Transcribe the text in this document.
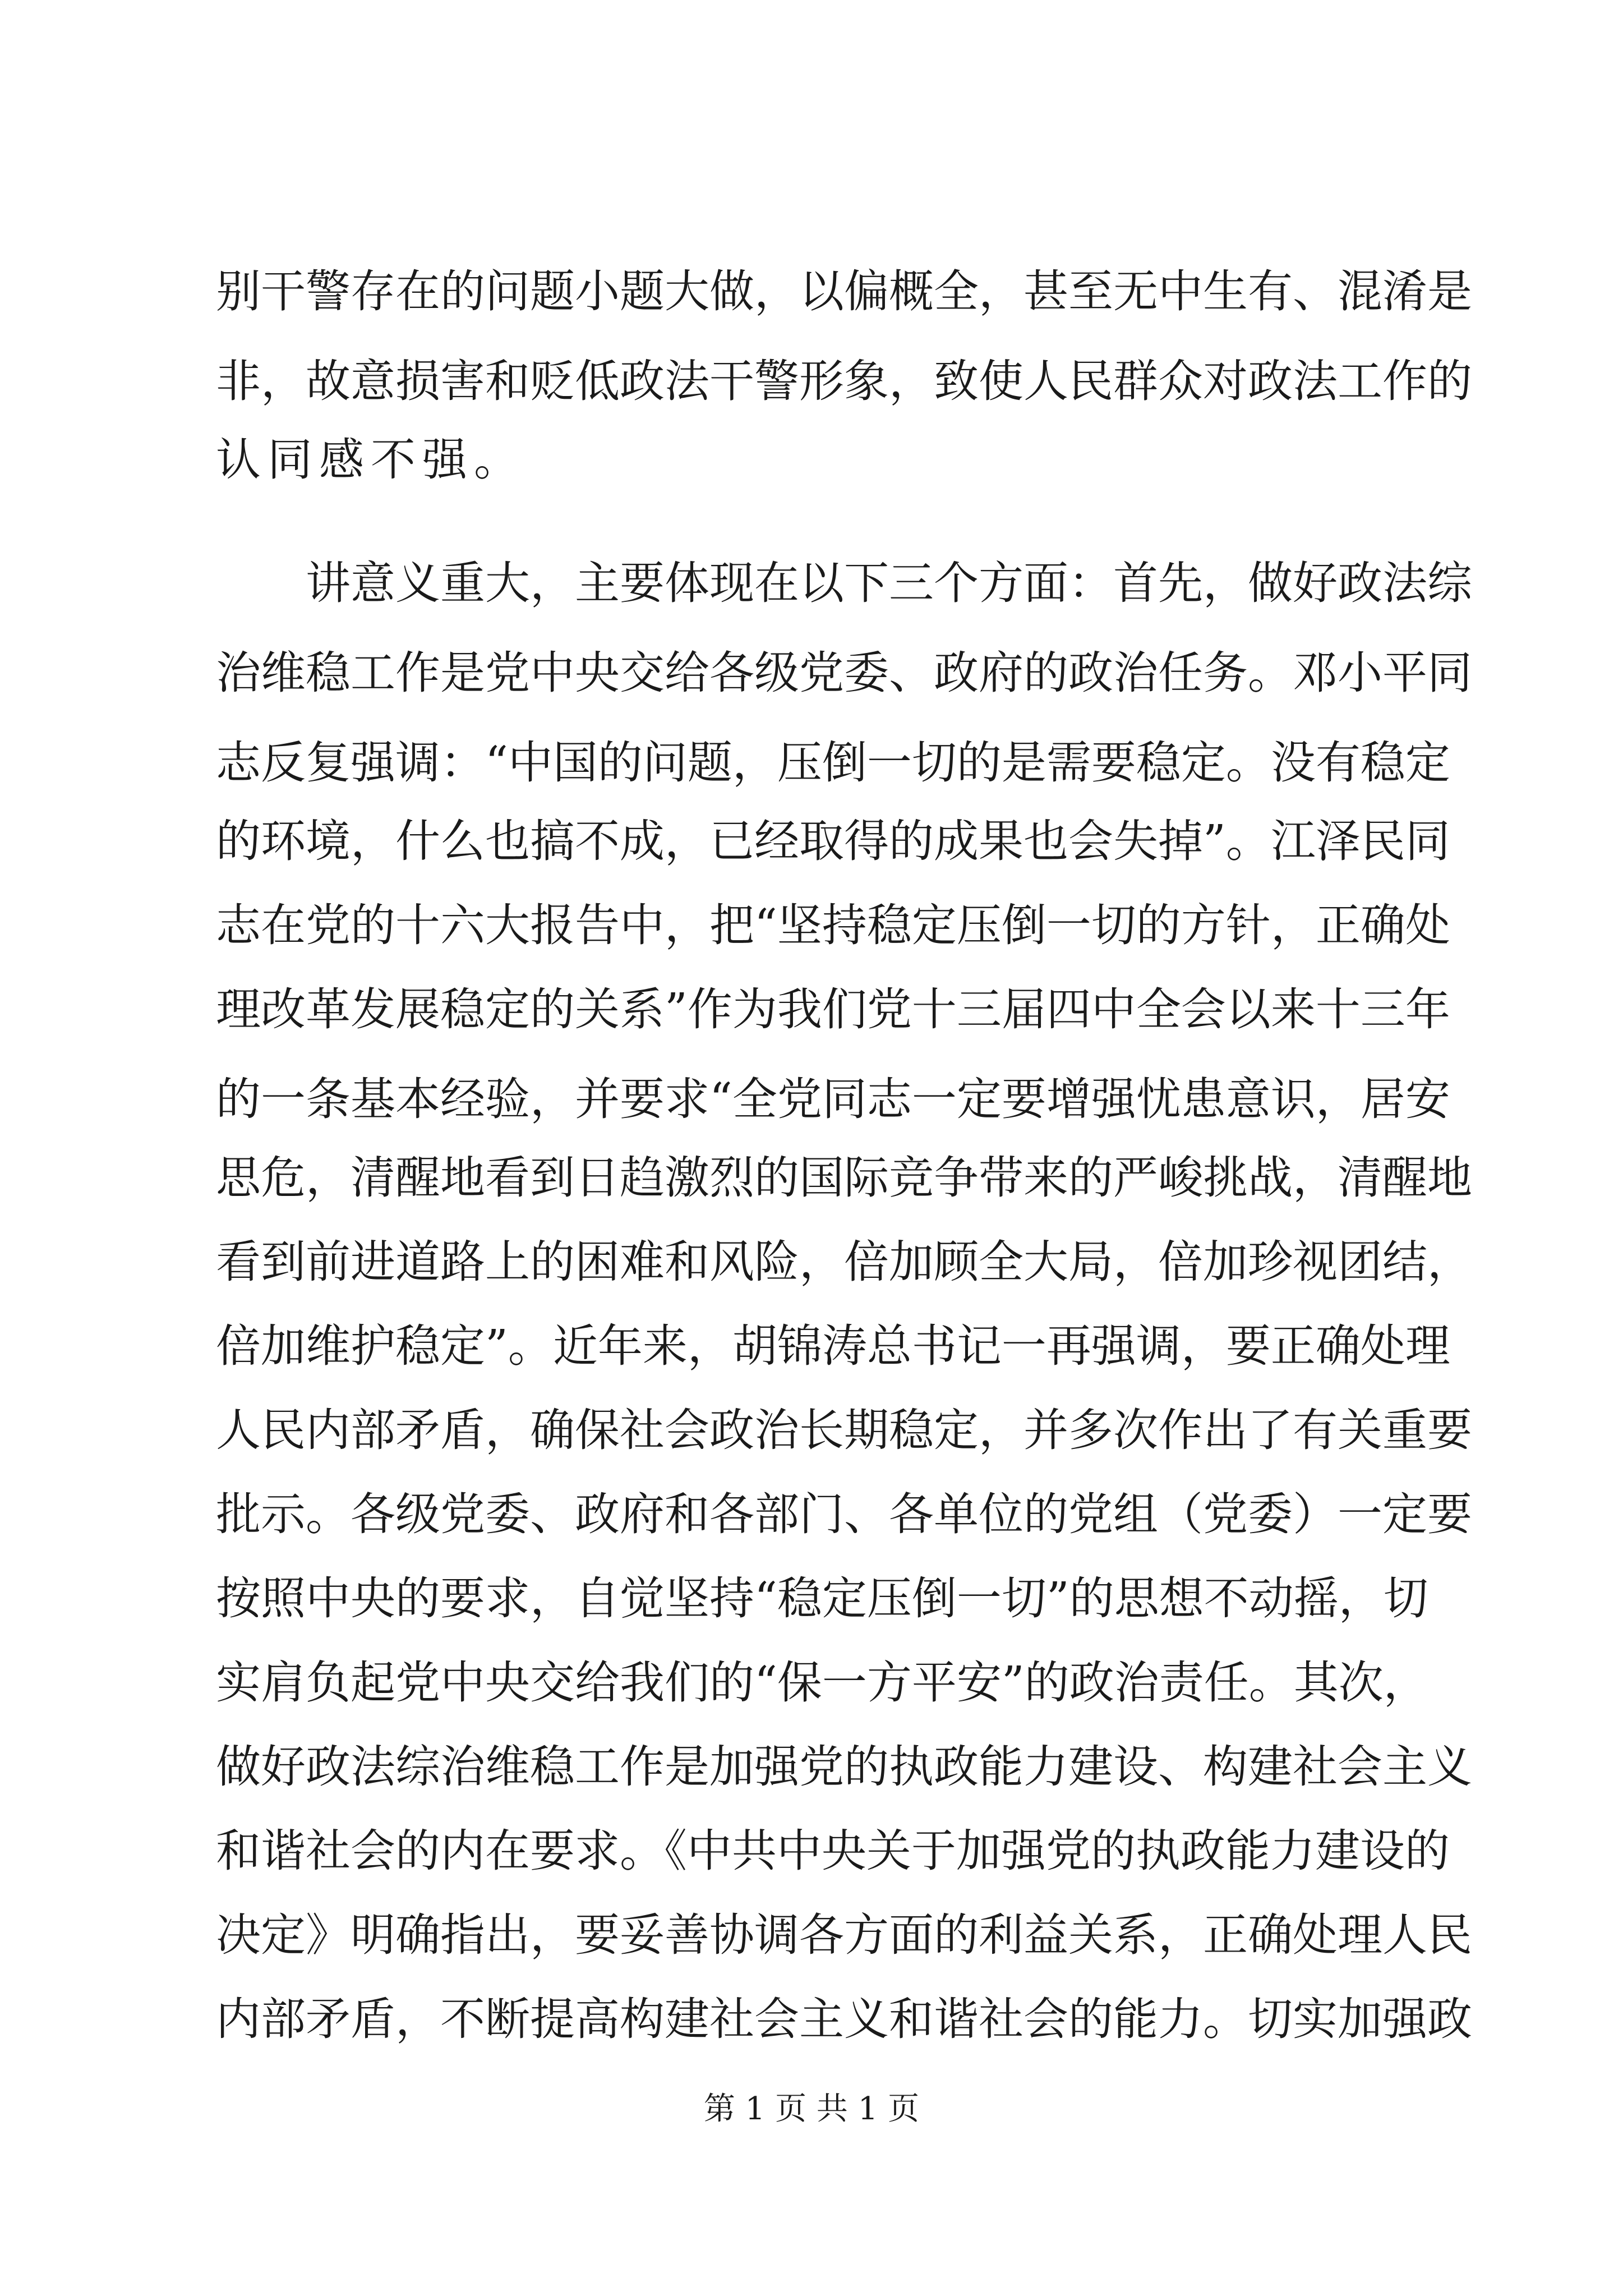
别干警存在的问题小题大做，以偏概全，甚至无中生有、混淆是
非，故意损害和贬低政法干警形象，致使人民群众对政法工作的
认同感不强。
讲意义重大，主要体现在以下三个方面：首先，做好政法综
治维稳工作是党中央交给各级党委、政府的政治任务。邓小平同
志反复强调：“中国的问题，压倒一切的是需要稳定。没有稳定
的环境，什么也搞不成，已经取得的成果也会失掉”。江泽民同
志在党的十六大报告中，把“坚持稳定压倒一切的方针，正确处
理改革发展稳定的关系”作为我们党十三届四中全会以来十三年
的一条基本经验，并要求“全党同志一定要增强忧患意识，居安
思危，清醒地看到日趋激烈的国际竞争带来的严峻挑战，清醒地
看到前进道路上的困难和风险，倍加顾全大局，倍加珍视团结，
倍加维护稳定”。近年来，胡锦涛总书记一再强调，要正确处理
人民内部矛盾，确保社会政治长期稳定，并多次作出了有关重要
批示。各级党委、政府和各部门、各单位的党组（党委）一定要
按照中央的要求，自觉坚持“稳定压倒一切”的思想不动摇，切
实肩负起党中央交给我们的“保一方平安”的政治责任。其次，
做好政法综治维稳工作是加强党的执政能力建设、构建社会主义
和谐社会的内在要求。《中共中央关于加强党的执政能力建设的
决定》明确指出，要妥善协调各方面的利益关系，正确处理人民
内部矛盾，不断提高构建社会主义和谐社会的能力。切实加强政
第 1 页 共 1 页
